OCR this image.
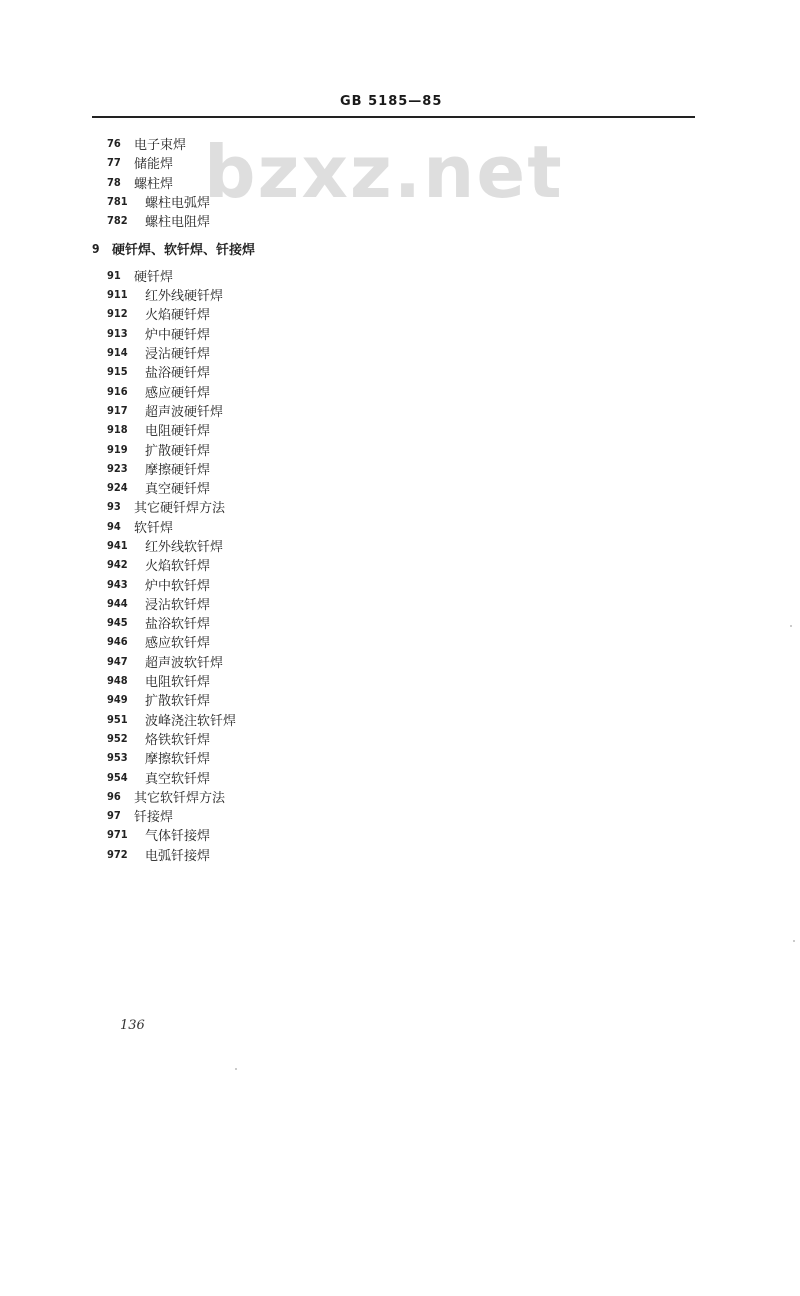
GB 5185—85
bzxz.net
76	电子束焊
77	储能焊
78	螺柱焊
781	螺柱电弧焊
782	螺柱电阻焊
9 硬钎焊、软钎焊、钎接焊
91	硬钎焊
911	红外线硬钎焊
912	火焰硬钎焊
913	炉中硬钎焊
914	浸沾硬钎焊
915	盐浴硬钎焊
916	感应硬钎焊
917	超声波硬钎焊
918	电阻硬钎焊
919	扩散硬钎焊
923	摩擦硬钎焊
924	真空硬钎焊
93	其它硬钎焊方法
94	软钎焊
941	红外线软钎焊
942	火焰软钎焊
943	炉中软钎焊
944	浸沾软钎焊
945	盐浴软钎焊
946	感应软钎焊
947	超声波软钎焊
948	电阻软钎焊
949	扩散软钎焊
951	波峰浇注软钎焊
952	烙铁软钎焊
953	摩擦软钎焊
954	真空软钎焊
96	其它软钎焊方法
97	钎接焊
971	气体钎接焊
972	电弧钎接焊
136
